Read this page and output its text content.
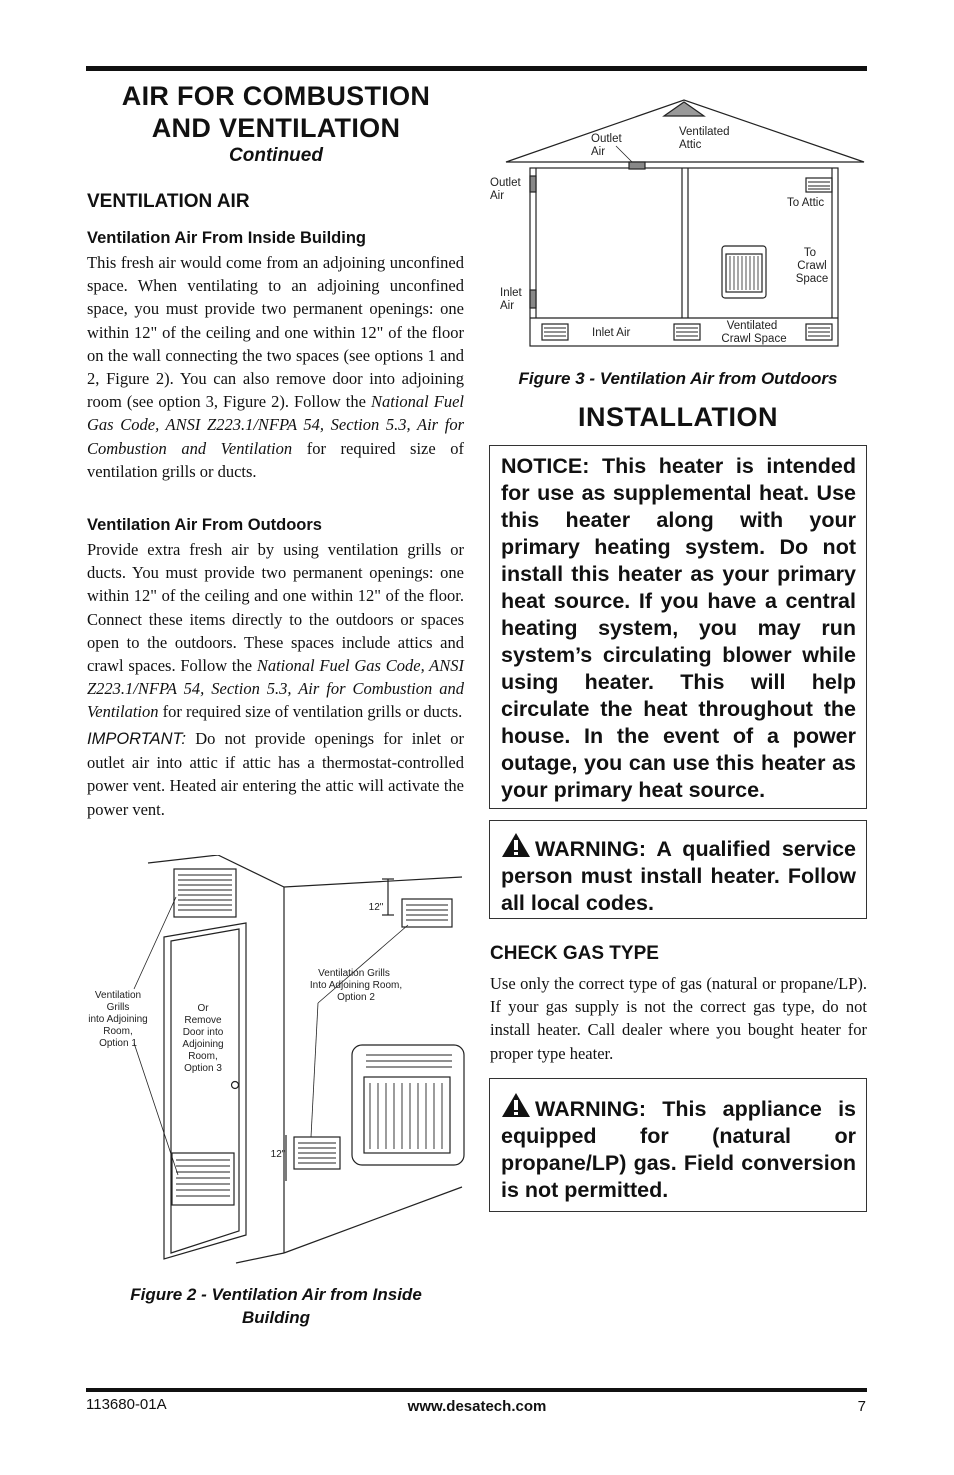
AIR FOR COMBUSTION
AND VENTILATION
Continued
VENTILATION AIR
Ventilation Air From Inside Building
This fresh air would come from an adjoining unconfined space. When ventilating to an adjoining unconfined space, you must provide two permanent openings: one within 12" of the ceiling and one within 12" of the floor on the wall connecting the two spaces (see options 1 and 2, Figure 2). You can also remove door into adjoining room (see option 3, Figure 2). Follow the National Fuel Gas Code, ANSI Z223.1/NFPA 54, Section 5.3, Air for Combustion and Ventilation for required size of ventilation grills or ducts.
Ventilation Air From Outdoors
Provide extra fresh air by using ventilation grills or ducts. You must provide two permanent openings: one within 12" of the ceiling and one within 12" of the floor. Connect these items directly to the outdoors or spaces open to the outdoors. These spaces include attics and crawl spaces. Follow the National Fuel Gas Code, ANSI Z223.1/NFPA 54, Section 5.3, Air for Combustion and Ventilation for required size of ventilation grills or ducts.
IMPORTANT: Do not provide openings for inlet or outlet air into attic if attic has a thermostat-controlled power vent. Heated air entering the attic will activate the power vent.
12"
12"
Ventilation
Grills
into Adjoining
Room,
Option 1
Or
Remove
Door into
Adjoining
Room,
Option 3
Ventilation Grills
Into Adjoining Room,
Option 2
Figure 2 - Ventilation Air from Inside
Building
Outlet
Air
Ventilated
Attic
Outlet
Air
To Attic
To
Crawl
Space
Inlet
Air
Inlet Air
Ventilated
Crawl Space
Figure 3 - Ventilation Air from Outdoors
INSTALLATION
NOTICE: This heater is intended for use as supplemental heat. Use this heater along with your primary heating system. Do not install this heater as your primary heat source. If you have a central heating system, you may run system’s circulating blower while using heater. This will help circulate the heat throughout the house. In the event of a power outage, you can use this heater as your primary heat source.
WARNING: A qualified service person must install heater. Follow all local codes.
CHECK GAS TYPE
Use only the correct type of gas (natural or propane/LP). If your gas supply is not the correct gas type, do not install heater. Call dealer where you bought heater for proper type heater.
WARNING: This appliance is equipped for (natural or propane/LP) gas. Field conversion is not permitted.
113680-01A	www.desatech.com	7
